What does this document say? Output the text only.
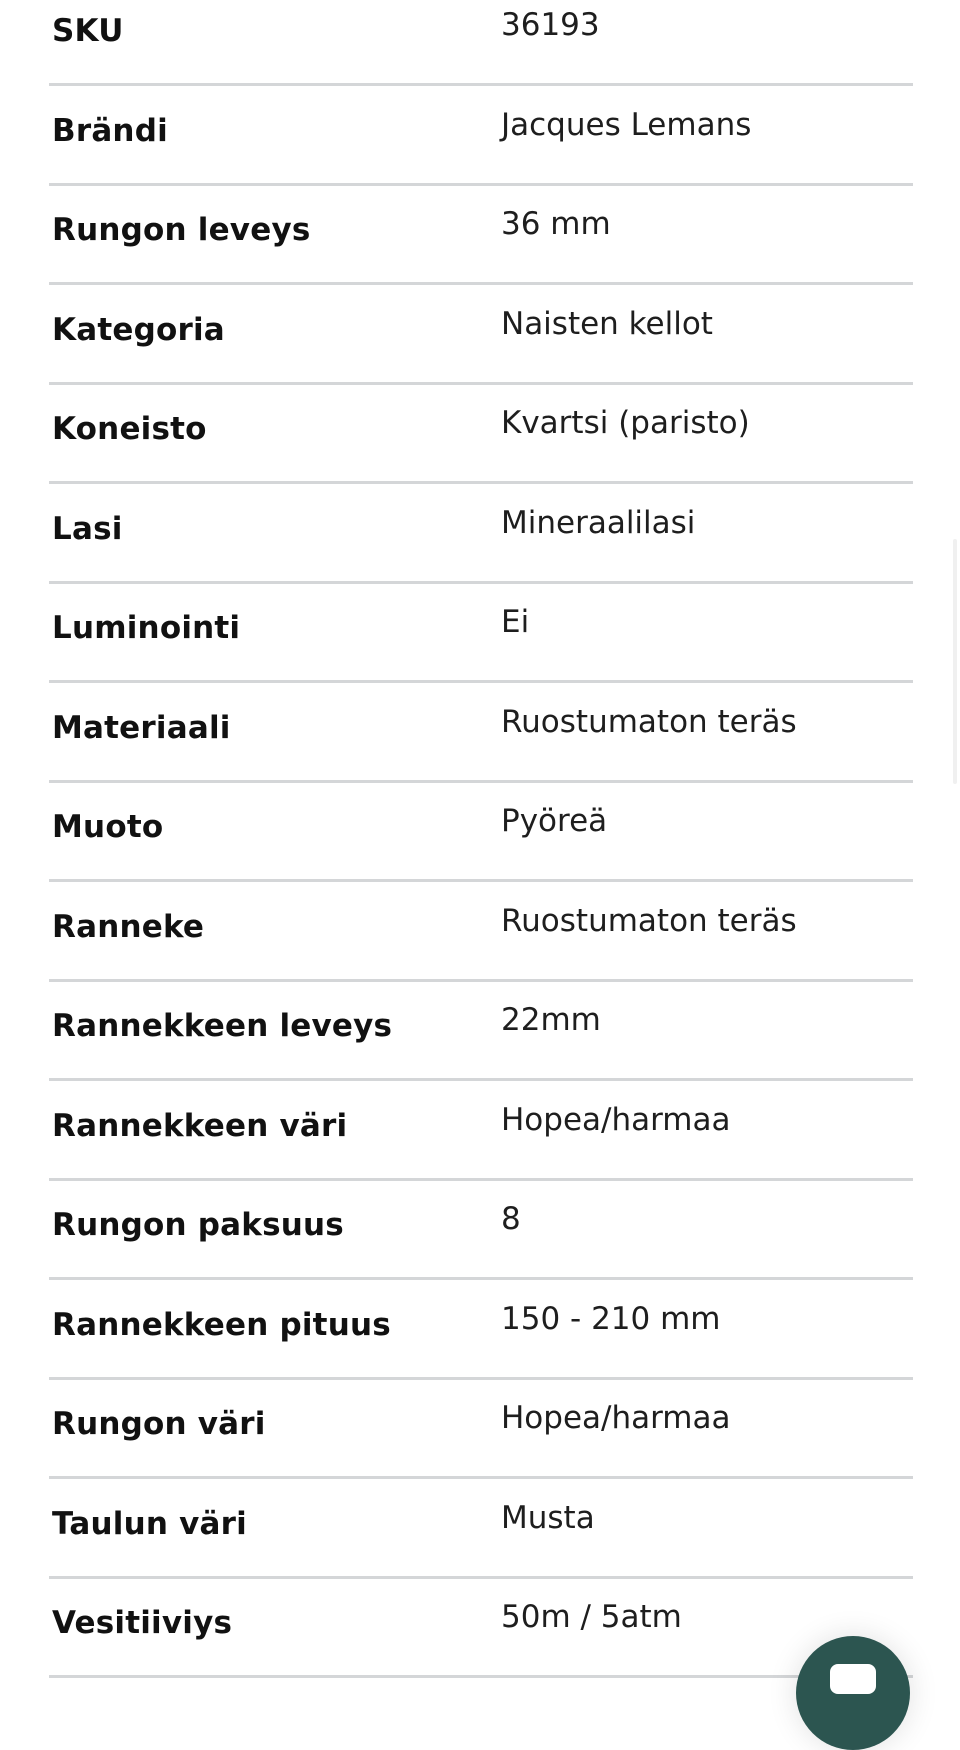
SKU	36193
Brändi	Jacques Lemans
Rungon leveys	36 mm
Kategoria	Naisten kellot
Koneisto	Kvartsi (paristo)
Lasi	Mineraalilasi
Luminointi	Ei
Materiaali	Ruostumaton teräs
Muoto	Pyöreä
Ranneke	Ruostumaton teräs
Rannekkeen leveys	22mm
Rannekkeen väri	Hopea/harmaa
Rungon paksuus	8
Rannekkeen pituus	150 - 210 mm
Rungon väri	Hopea/harmaa
Taulun väri	Musta
Vesitiiviys	50m / 5atm
